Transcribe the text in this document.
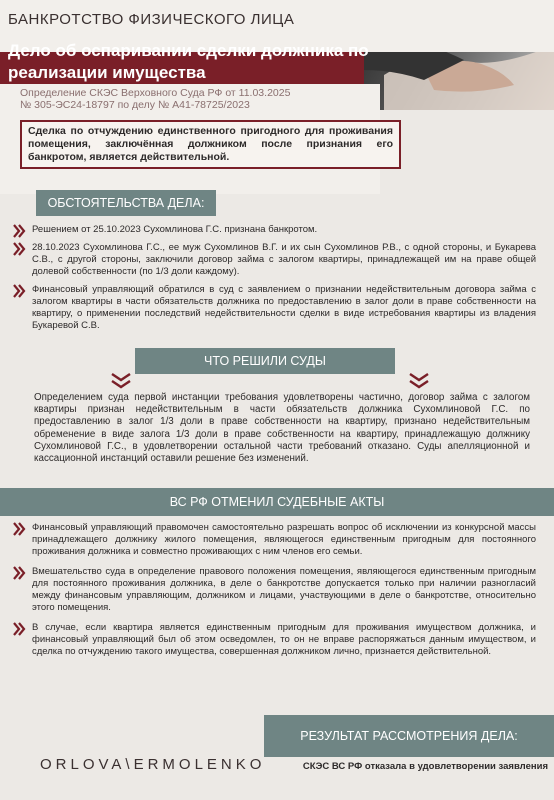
БАНКРОТСТВО ФИЗИЧЕСКОГО ЛИЦА
Дело об оспаривании сделки должника по реализации имущества
Определение СКЭС Верховного Суда РФ от 11.03.2025
№ 305-ЭС24-18797 по делу № А41-78725/2023
Сделка по отчуждению единственного пригодного для проживания помещения, заключённая должником после признания его банкротом, является действительной.
ОБСТОЯТЕЛЬСТВА ДЕЛА:
Решением от 25.10.2023 Сухомлинова Г.С. признана банкротом.
28.10.2023 Сухомлинова Г.С., ее муж Сухомлинов В.Г. и их сын Сухомлинов Р.В., с одной стороны, и Букарева С.В., с другой стороны, заключили договор займа с залогом квартиры, принадлежащей им на праве общей долевой собственности (по 1/3 доли каждому).
Финансовый управляющий обратился в суд с заявлением о признании недействительным договора займа с залогом квартиры в части обязательств должника по предоставлению в залог доли в праве собственности на квартиру, о применении последствий недействительности сделки в виде истребования квартиры из владения Букаревой С.В.
ЧТО РЕШИЛИ СУДЫ
Определением суда первой инстанции требования удовлетворены частично, договор займа с залогом квартиры признан недействительным в части обязательств должника Сухомлиновой Г.С. по предоставлению в залог 1/3 доли в праве собственности на квартиру, признано недействительным обременение в виде залога 1/3 доли в праве собственности на квартиру, принадлежащую должнику Сухомлиновой Г.С., в удовлетворении остальной части требований отказано. Суды апелляционной и кассационной инстанций оставили решение без изменений.
ВС РФ ОТМЕНИЛ СУДЕБНЫЕ АКТЫ
Финансовый управляющий правомочен самостоятельно разрешать вопрос об исключении из конкурсной массы принадлежащего должнику жилого помещения, являющегося единственным пригодным для постоянного проживания должника и совместно проживающих с ним членов его семьи.
Вмешательство суда в определение правового положения помещения, являющегося единственным пригодным для постоянного проживания должника, в деле о банкротстве допускается только при наличии разногласий между финансовым управляющим, должником и лицами, участвующими в деле о банкротстве, относительно этого помещения.
В случае, если квартира является единственным пригодным для проживания имуществом должника, и финансовый управляющий был об этом осведомлен, то он не вправе распоряжаться данным имуществом, и сделка по отчуждению такого имущества, совершенная должником лично, признается действительной.
РЕЗУЛЬТАТ РАССМОТРЕНИЯ ДЕЛА:
ORLOVA\ERMOLENKO	СКЭС ВС РФ отказала в удовлетворении заявления
